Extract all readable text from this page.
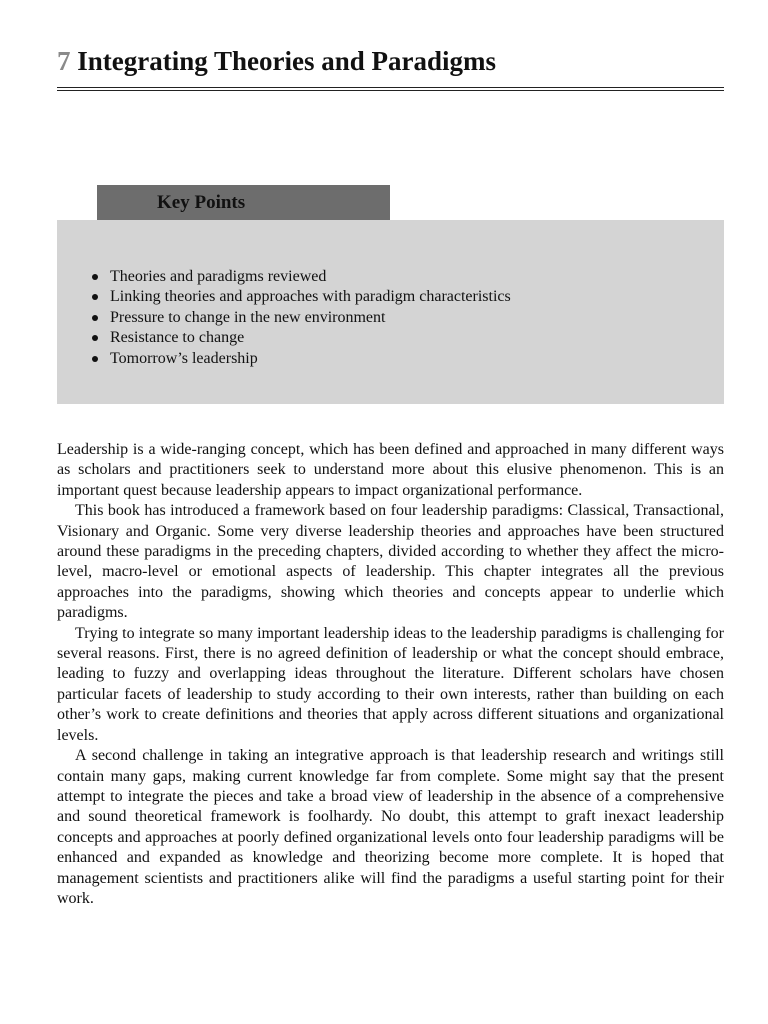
7 Integrating Theories and Paradigms
Key Points
Theories and paradigms reviewed
Linking theories and approaches with paradigm characteristics
Pressure to change in the new environment
Resistance to change
Tomorrow’s leadership

Leadership is a wide-ranging concept, which has been defined and approached in many different ways as scholars and practitioners seek to understand more about this elusive phenomenon. This is an important quest because leadership appears to impact organizational performance.

This book has introduced a framework based on four leadership paradigms: Classical, Transactional, Visionary and Organic. Some very diverse leadership theories and approaches have been structured around these paradigms in the preceding chapters, divided according to whether they affect the micro-level, macro-level or emotional aspects of leadership. This chapter integrates all the previous approaches into the paradigms, showing which theories and concepts appear to underlie which paradigms.

Trying to integrate so many important leadership ideas to the leadership paradigms is challenging for several reasons. First, there is no agreed definition of leadership or what the concept should embrace, leading to fuzzy and overlapping ideas throughout the literature. Different scholars have chosen particular facets of leadership to study according to their own interests, rather than building on each other’s work to create definitions and theories that apply across different situations and organizational levels.

A second challenge in taking an integrative approach is that leadership research and writings still contain many gaps, making current knowledge far from complete. Some might say that the present attempt to integrate the pieces and take a broad view of leadership in the absence of a comprehensive and sound theoretical framework is foolhardy. No doubt, this attempt to graft inexact leadership concepts and approaches at poorly defined organizational levels onto four leadership paradigms will be enhanced and expanded as knowledge and theorizing become more complete. It is hoped that management scientists and practitioners alike will find the paradigms a useful starting point for their work.
